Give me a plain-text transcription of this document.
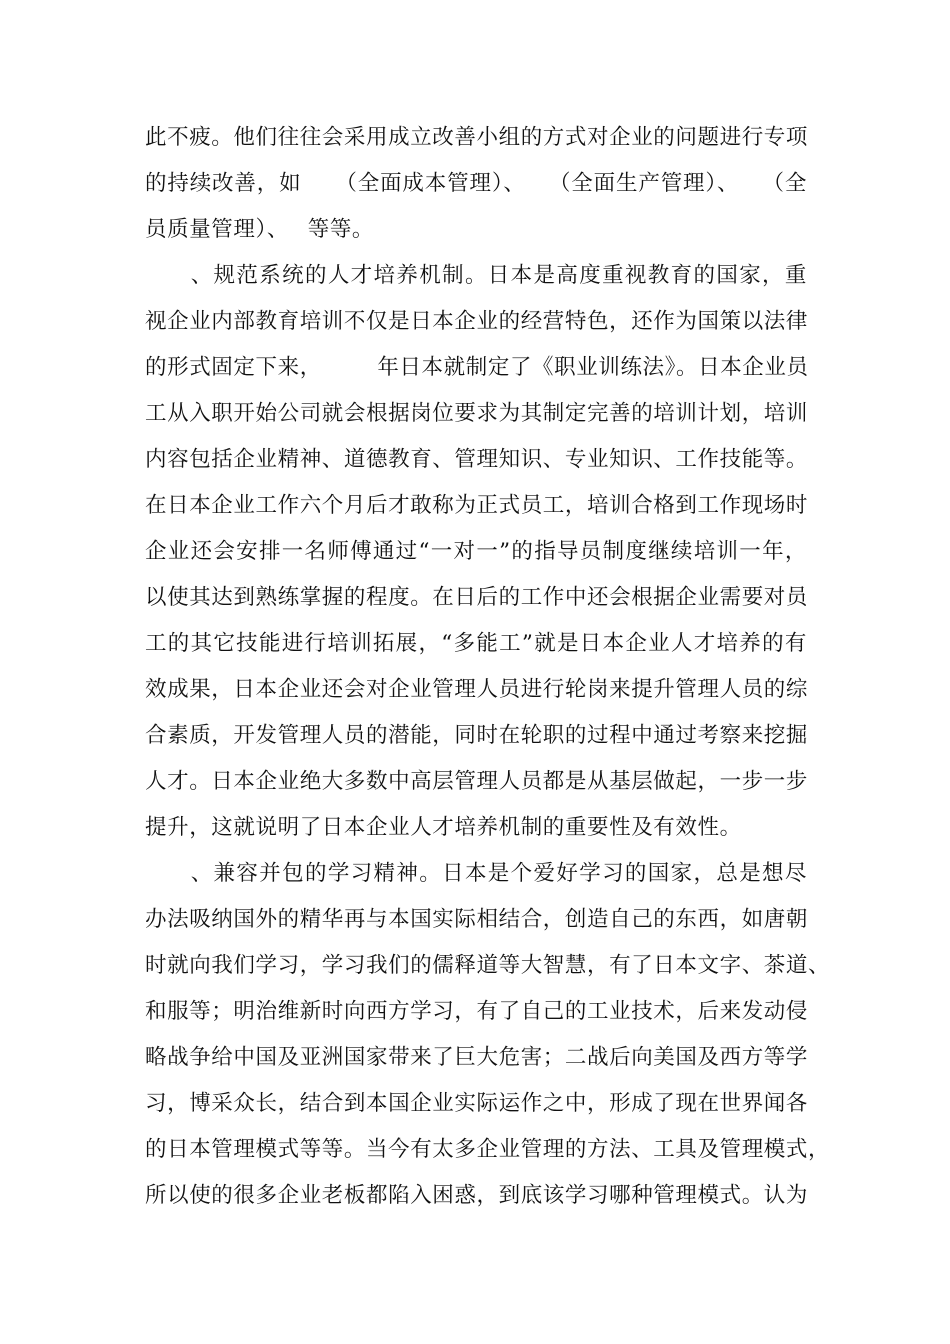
此不疲。他们往往会采用成立改善小组的方式对企业的问题进行专项
的持续改善，如　　（全面成本管理）、　　（全面生产管理）、　　（全
员质量管理）、　 等等。
　　、规范系统的人才培养机制。日本是高度重视教育的国家，重
视企业内部教育培训不仅是日本企业的经营特色，还作为国策以法律
的形式固定下来，　　　年日本就制定了《职业训练法》。日本企业员
工从入职开始公司就会根据岗位要求为其制定完善的培训计划，培训
内容包括企业精神、道德教育、管理知识、专业知识、工作技能等。
在日本企业工作六个月后才敢称为正式员工，培训合格到工作现场时
企业还会安排一名师傅通过“一对一”的指导员制度继续培训一年，
以使其达到熟练掌握的程度。在日后的工作中还会根据企业需要对员
工的其它技能进行培训拓展，“多能工”就是日本企业人才培养的有
效成果，日本企业还会对企业管理人员进行轮岗来提升管理人员的综
合素质，开发管理人员的潜能，同时在轮职的过程中通过考察来挖掘
人才。日本企业绝大多数中高层管理人员都是从基层做起，一步一步
提升，这就说明了日本企业人才培养机制的重要性及有效性。
　　、兼容并包的学习精神。日本是个爱好学习的国家，总是想尽
办法吸纳国外的精华再与本国实际相结合，创造自己的东西，如唐朝
时就向我们学习，学习我们的儒释道等大智慧，有了日本文字、茶道、
和服等；明治维新时向西方学习，有了自己的工业技术，后来发动侵
略战争给中国及亚洲国家带来了巨大危害；二战后向美国及西方等学
习，博采众长，结合到本国企业实际运作之中，形成了现在世界闻各
的日本管理模式等等。当今有太多企业管理的方法、工具及管理模式，
所以使的很多企业老板都陷入困惑，到底该学习哪种管理模式。认为
